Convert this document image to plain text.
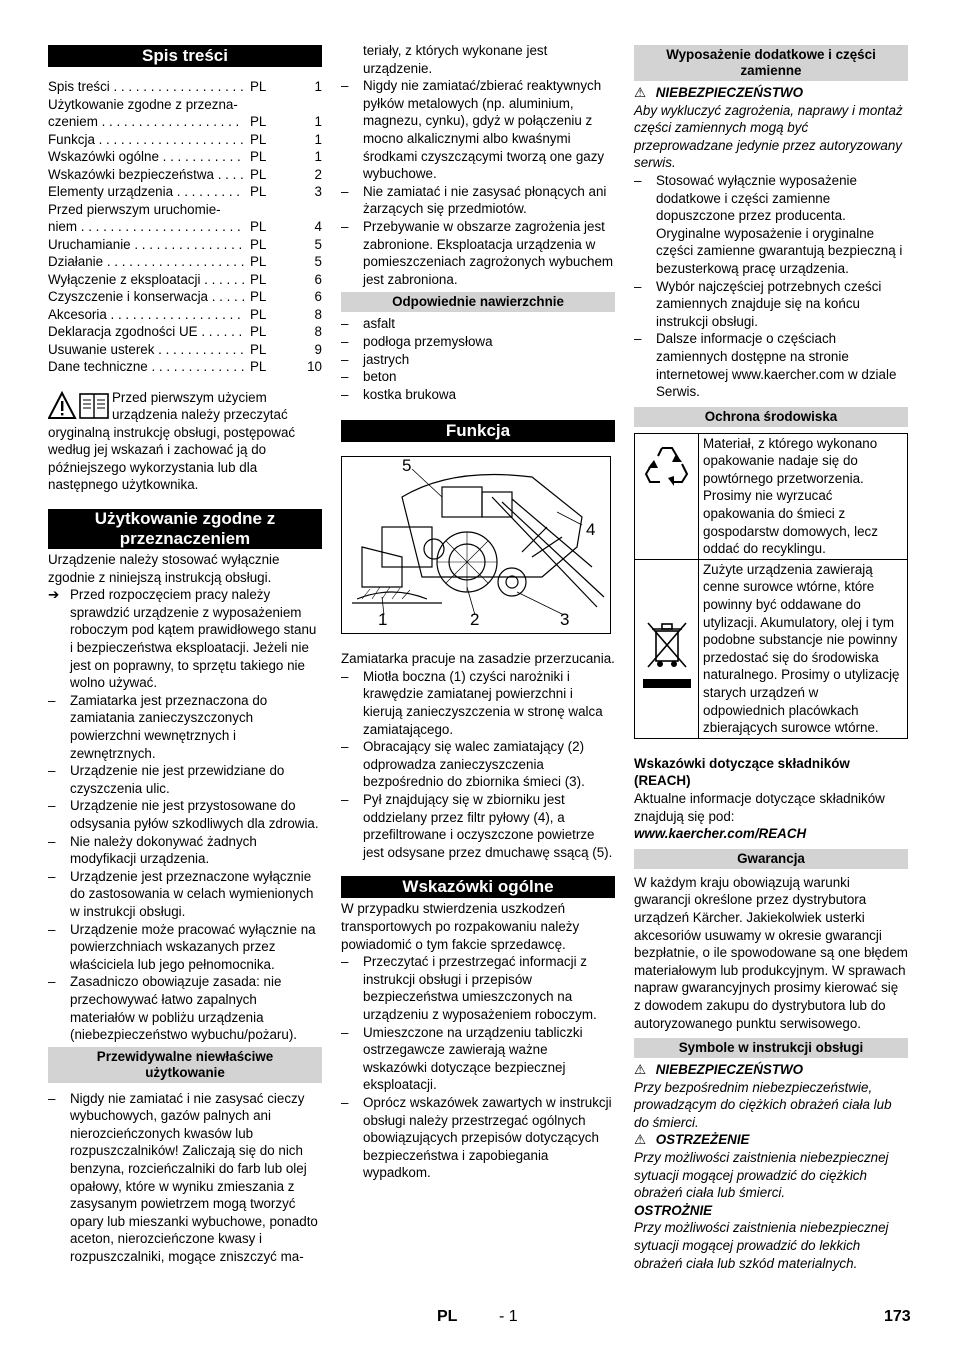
Spis treści
Spis treści . . .	PL	1
Użytkowanie zgodne z przezna-
czeniem . . .	PL	1
Funkcja . . .	PL	1
Wskazówki ogólne . . .	PL	1
Wskazówki bezpieczeństwa . . .	PL	2
Elementy urządzenia . . .	PL	3
Przed pierwszym uruchomie-
niem . . .	PL	4
Uruchamianie . . .	PL	5
Działanie . . .	PL	5
Wyłączenie z eksploatacji . . .	PL	6
Czyszczenie i konserwacja . . .	PL	6
Akcesoria . . .	PL	8
Deklaracja zgodności UE . . .	PL	8
Usuwanie usterek . . .	PL	9
Dane techniczne . . .	PL	10

Przed pierwszym użyciem urządzenia należy przeczytać oryginalną instrukcję obsługi, postępować według jej wskazań i zachować ją do późniejszego wykorzystania lub dla następnego użytkownika.

Użytkowanie zgodne z przeznaczeniem

Urządzenie należy stosować wyłącznie zgodnie z niniejszą instrukcją obsługi.

➔ Przed rozpoczęciem pracy należy sprawdzić urządzenie z wyposażeniem roboczym pod kątem prawidłowego stanu i bezpieczeństwa eksploatacji. Jeżeli nie jest on poprawny, to sprzętu takiego nie wolno używać.
– Zamiatarka jest przeznaczona do zamiatania zanieczyszczonych powierzchni wewnętrznych i zewnętrznych.
– Urządzenie nie jest przewidziane do czyszczenia ulic.
– Urządzenie nie jest przystosowane do odsysania pyłów szkodliwych dla zdrowia.
– Nie należy dokonywać żadnych modyfikacji urządzenia.
– Urządzenie jest przeznaczone wyłącznie do zastosowania w celach wymienionych w instrukcji obsługi.
– Urządzenie może pracować wyłącznie na powierzchniach wskazanych przez właściciela lub jego pełnomocnika.
– Zasadniczo obowiązuje zasada: nie przechowywać łatwo zapalnych materiałów w pobliżu urządzenia (niebezpieczeństwo wybuchu/pożaru).
Przewidywalne niewłaściwe użytkowanie
– Nigdy nie zamiatać i nie zasysać cieczy wybuchowych, gazów palnych ani nierozcieńczonych kwasów lub rozpuszczalników! Zaliczają się do nich benzyna, rozcieńczalniki do farb lub olej opałowy, które w wyniku zmieszania z zasysanym powietrzem mogą tworzyć opary lub mieszanki wybuchowe, ponadto aceton, nierozcieńczone kwasy i rozpuszczalniki, mogące zniszczyć ma-
teriały, z których wykonane jest urządzenie.
– Nigdy nie zamiatać/zbierać reaktywnych pyłków metalowych (np. aluminium, magnezu, cynku), gdyż w połączeniu z mocno alkalicznymi albo kwaśnymi środkami czyszczącymi tworzą one gazy wybuchowe.
– Nie zamiatać i nie zasysać płonących ani żarzących się przedmiotów.
– Przebywanie w obszarze zagrożenia jest zabronione. Eksploatacja urządzenia w pomieszczeniach zagrożonych wybuchem jest zabroniona.
Odpowiednie nawierzchnie
– asfalt
– podłoga przemysłowa
– jastrych
– beton
– kostka brukowa
Funkcja
5
4
1	2	3

Zamiatarka pracuje na zasadzie przerzucania.

– Miotła boczna (1) czyści narożniki i krawędzie zamiatanej powierzchni i kierują zanieczyszczenia w stronę walca zamiatającego.
– Obracający się walec zamiatający (2) odprowadza zanieczyszczenia bezpośrednio do zbiornika śmieci (3).
– Pył znajdujący się w zbiorniku jest oddzielany przez filtr pyłowy (4), a przefiltrowane i oczyszczone powietrze jest odsysane przez dmuchawę ssącą (5).
Wskazówki ogólne

W przypadku stwierdzenia uszkodzeń transportowych po rozpakowaniu należy powiadomić o tym fakcie sprzedawcę.

– Przeczytać i przestrzegać informacji z instrukcji obsługi i przepisów bezpieczeństwa umieszczonych na urządzeniu z wyposażeniem roboczym.
– Umieszczone na urządzeniu tabliczki ostrzegawcze zawierają ważne wskazówki dotyczące bezpiecznej eksploatacji.
– Oprócz wskazówek zawartych w instrukcji obsługi należy przestrzegać ogólnych obowiązujących przepisów dotyczących bezpieczeństwa i zapobiegania wypadkom.
Wyposażenie dodatkowe i części zamienne
⚠ NIEBEZPIECZEŃSTWO

Aby wykluczyć zagrożenia, naprawy i montaż części zamiennych mogą być przeprowadzane jedynie przez autoryzowany serwis.

– Stosować wyłącznie wyposażenie dodatkowe i części zamienne dopuszczone przez producenta. Oryginalne wyposażenie i oryginalne części zamienne gwarantują bezpieczną i bezusterkową pracę urządzenia.
– Wybór najczęściej potrzebnych cześci zamiennych znajduje się na końcu instrukcji obsługi.
– Dalsze informacje o częściach zamiennych dostępne na stronie internetowej www.kaercher.com w dziale Serwis.
Ochrona środowiska
Materiał, z którego wykonano opakowanie nadaje się do powtórnego przetworzenia. Prosimy nie wyrzucać opakowania do śmieci z gospodarstw domowych, lecz oddać do recyklingu.
Zużyte urządzenia zawierają cenne surowce wtórne, które powinny być oddawane do utylizacji. Akumulatory, olej i tym podobne substancje nie powinny przedostać się do środowiska naturalnego. Prosimy o utylizację starych urządzeń w odpowiednich placówkach zbierających surowce wtórne.

Wskazówki dotyczące składników (REACH)

Aktualne informacje dotyczące składników znajdują się pod:

www.kaercher.com/REACH

Gwarancja

W każdym kraju obowiązują warunki gwarancji określone przez dystrybutora urządzeń Kärcher. Jakiekolwiek usterki akcesoriów usuwamy w okresie gwarancji bezpłatnie, o ile spowodowane są one błędem materiałowym lub produkcyjnym. W sprawach napraw gwarancyjnych prosimy kierować się z dowodem zakupu do dystrybutora lub do autoryzowanego punktu serwisowego.

Symbole w instrukcji obsługi
⚠ NIEBEZPIECZEŃSTWO

Przy bezpośrednim niebezpieczeństwie, prowadzącym do ciężkich obrażeń ciała lub do śmierci.

⚠ OSTRZEŻENIE

Przy możliwości zaistnienia niebezpiecznej sytuacji mogącej prowadzić do ciężkich obrażeń ciała lub śmierci.

OSTROŻNIE

Przy możliwości zaistnienia niebezpiecznej sytuacji mogącej prowadzić do lekkich obrażeń ciała lub szkód materialnych.

PL	- 1	173
